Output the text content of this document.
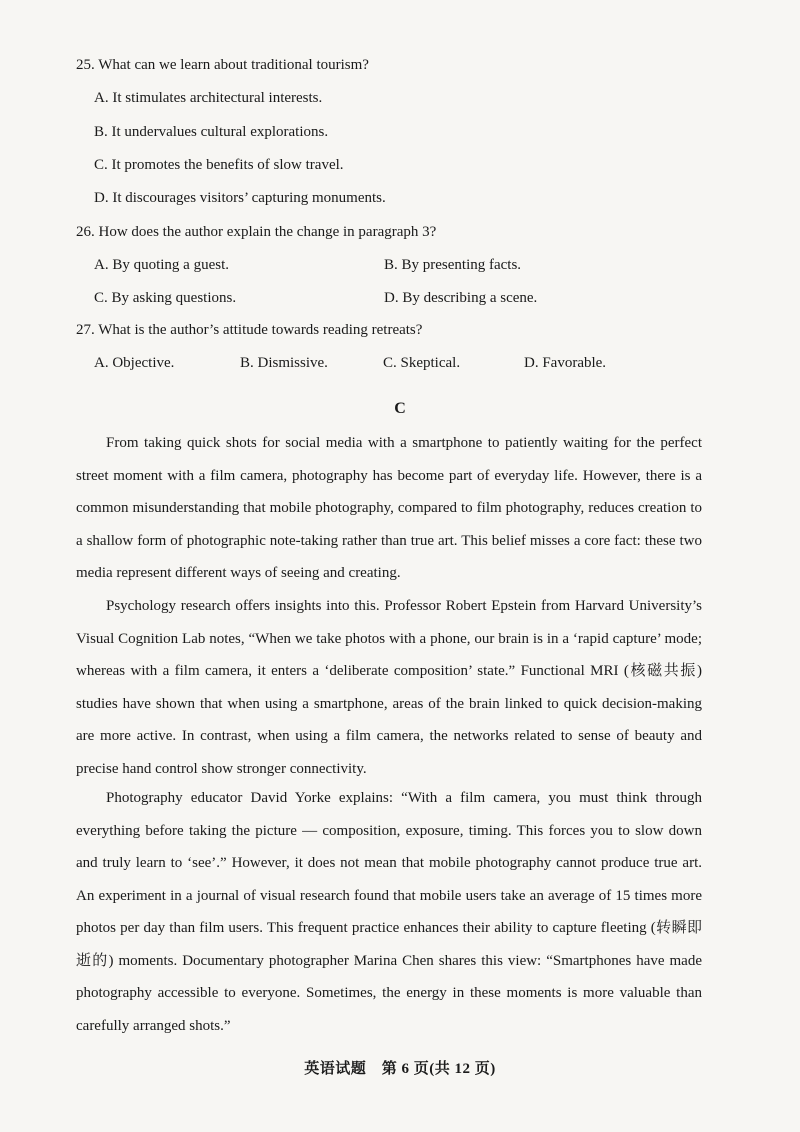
25. What can we learn about traditional tourism?
A. It stimulates architectural interests.
B. It undervalues cultural explorations.
C. It promotes the benefits of slow travel.
D. It discourages visitors’ capturing monuments.
26. How does the author explain the change in paragraph 3?
A. By quoting a guest.	B. By presenting facts.
C. By asking questions.	D. By describing a scene.
27. What is the author’s attitude towards reading retreats?
A. Objective.	B. Dismissive.	C. Skeptical.	D. Favorable.
C
From taking quick shots for social media with a smartphone to patiently waiting for the perfect street moment with a film camera, photography has become part of everyday life. However, there is a common misunderstanding that mobile photography, compared to film photography, reduces creation to a shallow form of photographic note-taking rather than true art. This belief misses a core fact: these two media represent different ways of seeing and creating.
Psychology research offers insights into this. Professor Robert Epstein from Harvard University’s Visual Cognition Lab notes, “When we take photos with a phone, our brain is in a ‘rapid capture’ mode; whereas with a film camera, it enters a ‘deliberate composition’ state.” Functional MRI (核磁共振) studies have shown that when using a smartphone, areas of the brain linked to quick decision-making are more active. In contrast, when using a film camera, the networks related to sense of beauty and precise hand control show stronger connectivity.
Photography educator David Yorke explains: “With a film camera, you must think through everything before taking the picture — composition, exposure, timing. This forces you to slow down and truly learn to ‘see’.” However, it does not mean that mobile photography cannot produce true art. An experiment in a journal of visual research found that mobile users take an average of 15 times more photos per day than film users. This frequent practice enhances their ability to capture fleeting (转瞬即逝的) moments. Documentary photographer Marina Chen shares this view: “Smartphones have made photography accessible to everyone. Sometimes, the energy in these moments is more valuable than carefully arranged shots.”
英语试题　第 6 页(共 12 页)
